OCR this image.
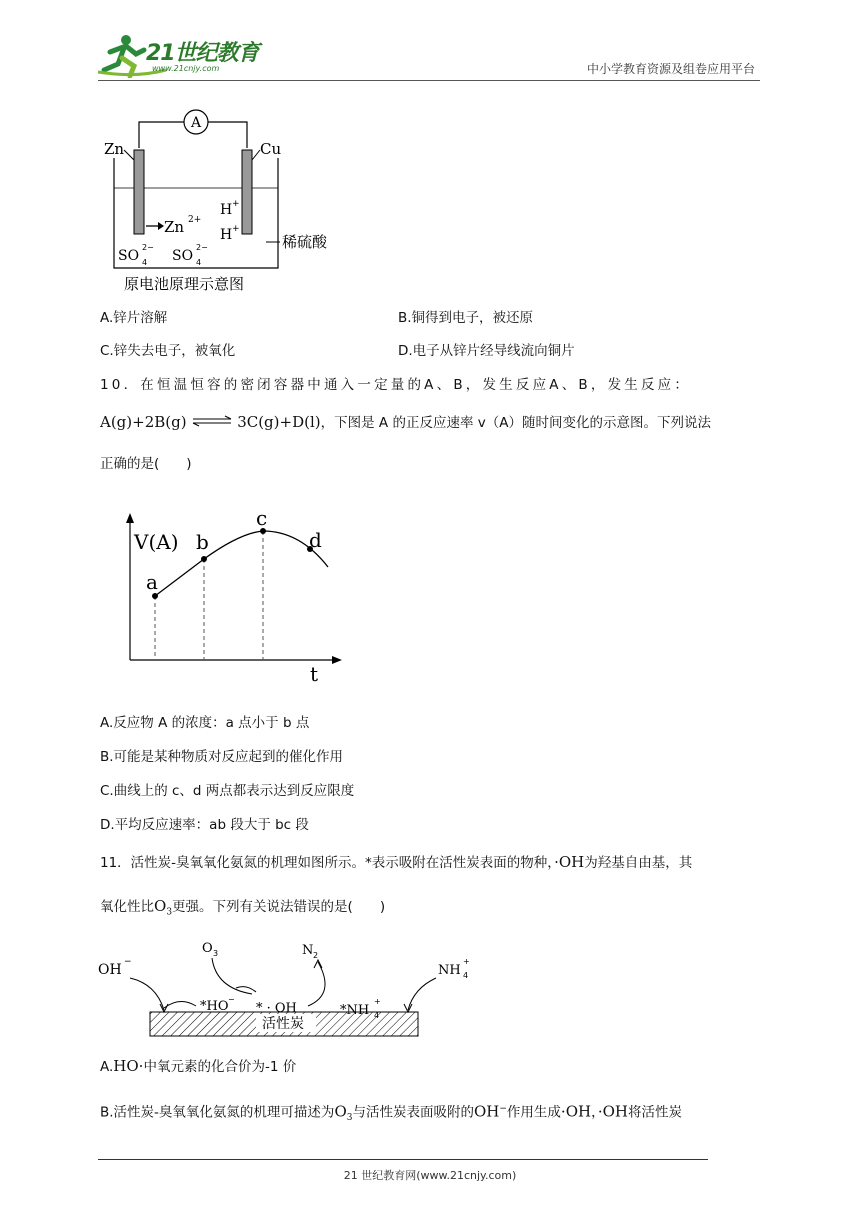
21世纪教育
www.21cnjy.com	中小学教育资源及组卷应用平台
A
Zn	Cu
Zn 2+
H +
H +
稀硫酸
SO 4
2−
SO 4
2−
原电池原理示意图
A.锌片溶解	B.铜得到电子，被还原
C.锌失去电子，被氧化	D.电子从锌片经导线流向铜片
10．在恒温恒容的密闭容器中通入一定量的A、B，发生反应A、B，发生反应：
A(g)+2B(g) ⇌ 3C(g)+D(l)，下图是 A 的正反应速率 v（A）随时间变化的示意图。下列说法
正确的是(　　)
V(A)
t
a
b
c
d
A.反应物 A 的浓度：a 点小于 b 点
B.可能是某种物质对反应起到的催化作用
C.曲线上的 c、d 两点都表示达到反应限度
D.平均反应速率：ab 段大于 bc 段
11．活性炭-臭氧氧化氨氮的机理如图所示。*表示吸附在活性炭表面的物种，·OH为羟基自由基，其
氧化性比$O_3$更强。下列有关说法错误的是(　　)
活性炭
OH −
*HO −
O 3
* · OH
N 2
*NH 4
+
NH 4
+
A.HO·中氧元素的化合价为-1 价
B.活性炭-臭氧氧化氨氮的机理可描述为$O_3$与活性炭表面吸附的OH−作用生成·OH，·OH将活性炭
21 世纪教育网(www.21cnjy.com)
